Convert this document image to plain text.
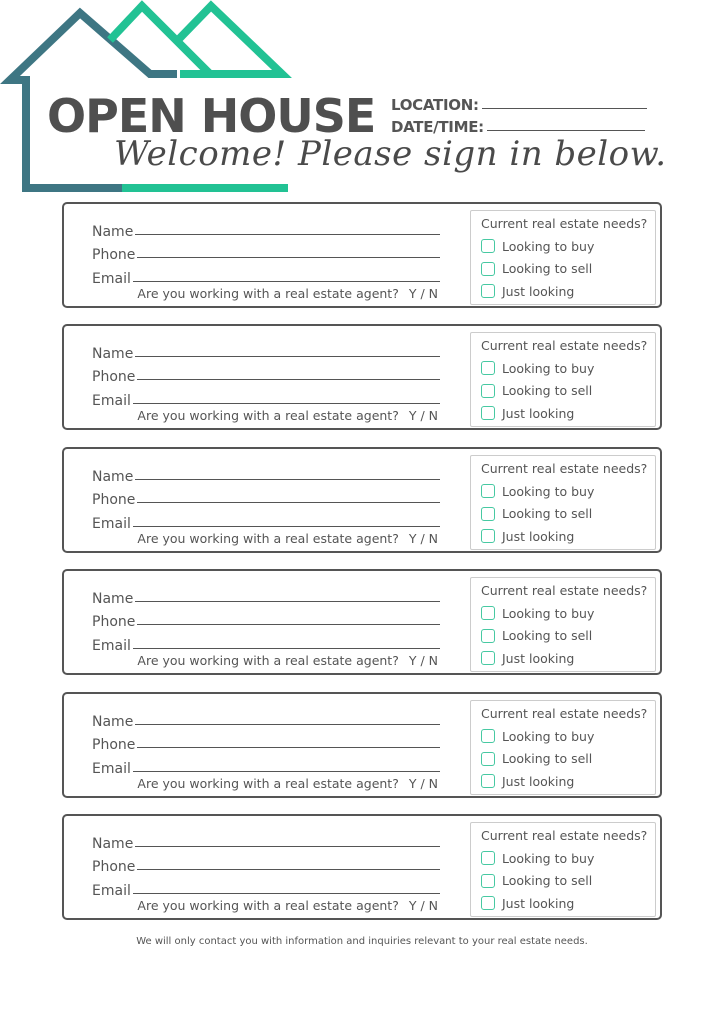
OPEN HOUSE LOCATION:
DATE/TIME:
Welcome! Please sign in below.
Name
Phone
Email
Are you working with a real estate agent? Y / N
Current real estate needs?
Looking to buy
Looking to sell
Just looking
Name
Phone
Email
Are you working with a real estate agent? Y / N
Current real estate needs?
Looking to buy
Looking to sell
Just looking
Name
Phone
Email
Are you working with a real estate agent? Y / N
Current real estate needs?
Looking to buy
Looking to sell
Just looking
Name
Phone
Email
Are you working with a real estate agent? Y / N
Current real estate needs?
Looking to buy
Looking to sell
Just looking
Name
Phone
Email
Are you working with a real estate agent? Y / N
Current real estate needs?
Looking to buy
Looking to sell
Just looking
Name
Phone
Email
Are you working with a real estate agent? Y / N
Current real estate needs?
Looking to buy
Looking to sell
Just looking
We will only contact you with information and inquiries relevant to your real estate needs.
